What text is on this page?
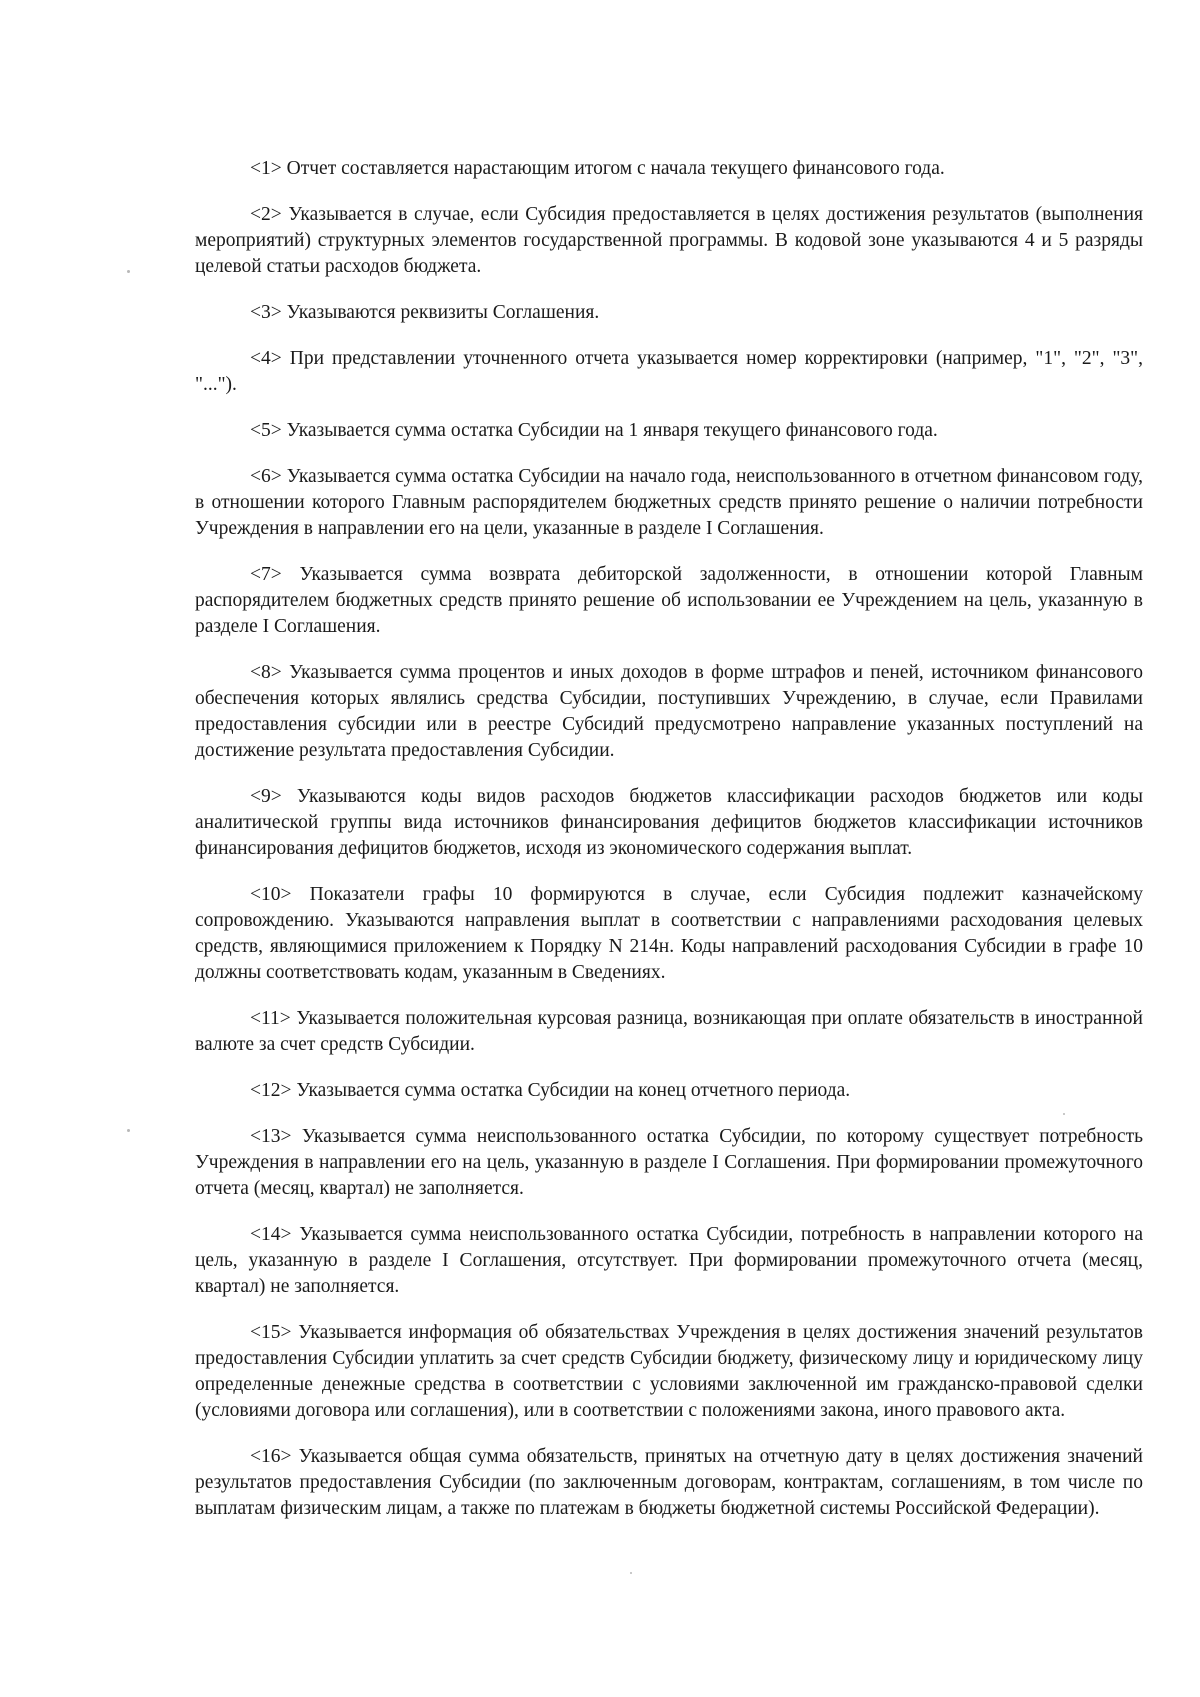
<1> Отчет составляется нарастающим итогом с начала текущего финансового года.

<2> Указывается в случае, если Субсидия предоставляется в целях достижения результатов (выполнения мероприятий) структурных элементов государственной программы. В кодовой зоне указываются 4 и 5 разряды целевой статьи расходов бюджета.

<3> Указываются реквизиты Соглашения.

<4> При представлении уточненного отчета указывается номер корректировки (например, "1", "2", "3", "...").

<5> Указывается сумма остатка Субсидии на 1 января текущего финансового года.

<6> Указывается сумма остатка Субсидии на начало года, неиспользованного в отчетном финансовом году, в отношении которого Главным распорядителем бюджетных средств принято решение о наличии потребности Учреждения в направлении его на цели, указанные в разделе I Соглашения.

<7> Указывается сумма возврата дебиторской задолженности, в отношении которой Главным распорядителем бюджетных средств принято решение об использовании ее Учреждением на цель, указанную в разделе I Соглашения.

<8> Указывается сумма процентов и иных доходов в форме штрафов и пеней, источником финансового обеспечения которых являлись средства Субсидии, поступивших Учреждению, в случае, если Правилами предоставления субсидии или в реестре Субсидий предусмотрено направление указанных поступлений на достижение результата предоставления Субсидии.

<9> Указываются коды видов расходов бюджетов классификации расходов бюджетов или коды аналитической группы вида источников финансирования дефицитов бюджетов классификации источников финансирования дефицитов бюджетов, исходя из экономического содержания выплат.

<10> Показатели графы 10 формируются в случае, если Субсидия подлежит казначейскому сопровождению. Указываются направления выплат в соответствии с направлениями расходования целевых средств, являющимися приложением к Порядку N 214н. Коды направлений расходования Субсидии в графе 10 должны соответствовать кодам, указанным в Сведениях.

<11> Указывается положительная курсовая разница, возникающая при оплате обязательств в иностранной валюте за счет средств Субсидии.

<12> Указывается сумма остатка Субсидии на конец отчетного периода.

<13> Указывается сумма неиспользованного остатка Субсидии, по которому существует потребность Учреждения в направлении его на цель, указанную в разделе I Соглашения. При формировании промежуточного отчета (месяц, квартал) не заполняется.

<14> Указывается сумма неиспользованного остатка Субсидии, потребность в направлении которого на цель, указанную в разделе I Соглашения, отсутствует. При формировании промежуточного отчета (месяц, квартал) не заполняется.

<15> Указывается информация об обязательствах Учреждения в целях достижения значений результатов предоставления Субсидии уплатить за счет средств Субсидии бюджету, физическому лицу и юридическому лицу определенные денежные средства в соответствии с условиями заключенной им гражданско-правовой сделки (условиями договора или соглашения), или в соответствии с положениями закона, иного правового акта.

<16> Указывается общая сумма обязательств, принятых на отчетную дату в целях достижения значений результатов предоставления Субсидии (по заключенным договорам, контрактам, соглашениям, в том числе по выплатам физическим лицам, а также по платежам в бюджеты бюджетной системы Российской Федерации).
